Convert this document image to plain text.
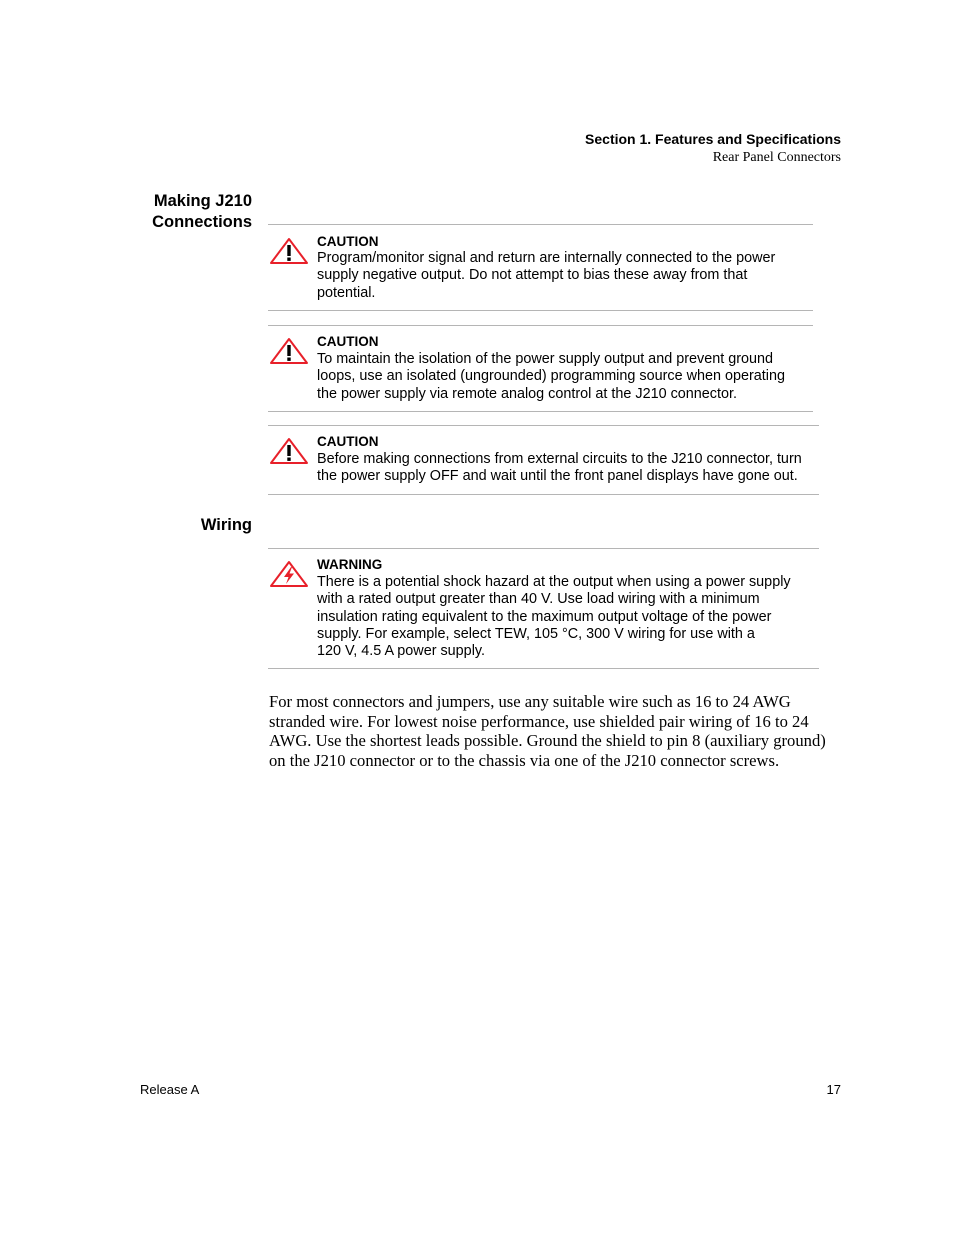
Section 1. Features and Specifications
Rear Panel Connectors
Making J210
Connections
CAUTION
Program/monitor signal and return are internally connected to the power
supply negative output. Do not attempt to bias these away from that
potential.
CAUTION
To maintain the isolation of the power supply output and prevent ground
loops, use an isolated (ungrounded) programming source when operating
the power supply via remote analog control at the J210 connector.
CAUTION
Before making connections from external circuits to the J210 connector, turn
the power supply OFF and wait until the front panel displays have gone out.
Wiring
WARNING
There is a potential shock hazard at the output when using a power supply
with a rated output greater than 40 V. Use load wiring with a minimum
insulation rating equivalent to the maximum output voltage of the power
supply. For example, select TEW, 105 °C, 300 V wiring for use with a
120 V, 4.5 A power supply.
For most connectors and jumpers, use any suitable wire such as 16 to 24 AWG
stranded wire. For lowest noise performance, use shielded pair wiring of 16 to 24
AWG. Use the shortest leads possible. Ground the shield to pin 8 (auxiliary ground)
on the J210 connector or to the chassis via one of the J210 connector screws.
Release A	17
